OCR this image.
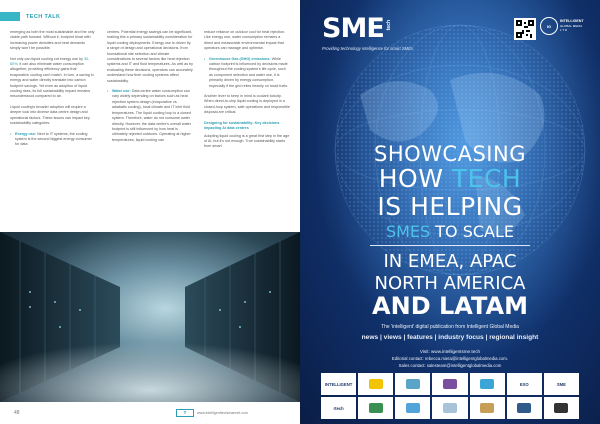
TECH TALK

emerging as both the most sustainable and the only viable path forward. Without it, footprint bloat with increasing power densities and heat demands simply won't be possible.

Not only can liquid cooling cut energy use by 30-60%, it can also eliminate water consumption altogether, providing efficiency gains that evaporative cooling can't match. In turn, a saving in energy and water directly translate into carbon footprint savings. Yet even as adoption of liquid cooling rises, its full sustainability impact remains misunderstood compared to air.

Liquid cooling's broader adoption will require a deeper look into diverse data centre design and operational factors. These issues can impact key sustainability categories:

• Energy use: Next to IT systems, the cooling system is the second biggest energy consumer for data

centres. Potential energy savings can be significant, making this a primary sustainability consideration for liquid cooling deployments. Energy use is driven by a range of design and operational decisions, from foundational site selection and climate considerations to several factors like heat rejection systems and IT and fluid temperatures. As well as by evaluating these decisions, operators can accurately understand how their cooling systems affect sustainability.

• Water use: Data centre water consumption can vary widely depending on factors such as heat rejection system design (evaporative vs. adiabatic cooling), local climate and IT inlet fluid temperatures. The liquid cooling loop is a closed system. Therefore, water do not consume water directly. However, the data centre's overall water footprint is still influenced by how heat is ultimately rejected outdoors. Operating at higher temperatures, liquid cooling can

reduce reliance on outdoor cool for heat rejection. Like energy use, water consumption remains a direct and measurable environmental impact that operators can manage and optimise.

• Greenhouse Gas (GHG) emissions: While carbon footprint is influenced by decisions made throughout the cooling system's life cycle, such as component selection and water use, it is primarily driven by energy consumption, especially if the grid relies heavily on fossil fuels.

Another lever to keep in mind is coolant toxicity. When direct-to-chip liquid cooling is deployed in a closed-loop system, safe operations and responsible disposal are critical.

Designing for sustainability: Key decisions impacting AI data centres

Adopting liquid cooling is a great first step in the age of AI, but it's not enough. True sustainability starts from smart

48	T	www.intelligenttechchannel.com
SME tech
Providing technology intelligence for smart SMEs
IG
INTELLIGENT
GLOBAL MEDIA
L T D
SHOWCASING
HOW TECH
IS HELPING
SMES TO SCALE
IN EMEA, APAC
NORTH AMERICA
AND LATAM
The 'intelligent' digital publication from Intelligent Global Media
news | views | features | industry focus | regional insight
Visit: www.intelligentsme.tech
Editorial contact: rebecca.mieta@intelligentglobalmedia.com.
Sales contact: salesteam@intelligentglobalmedia.com
INTELLIGENT	EXO	SME
rtech
